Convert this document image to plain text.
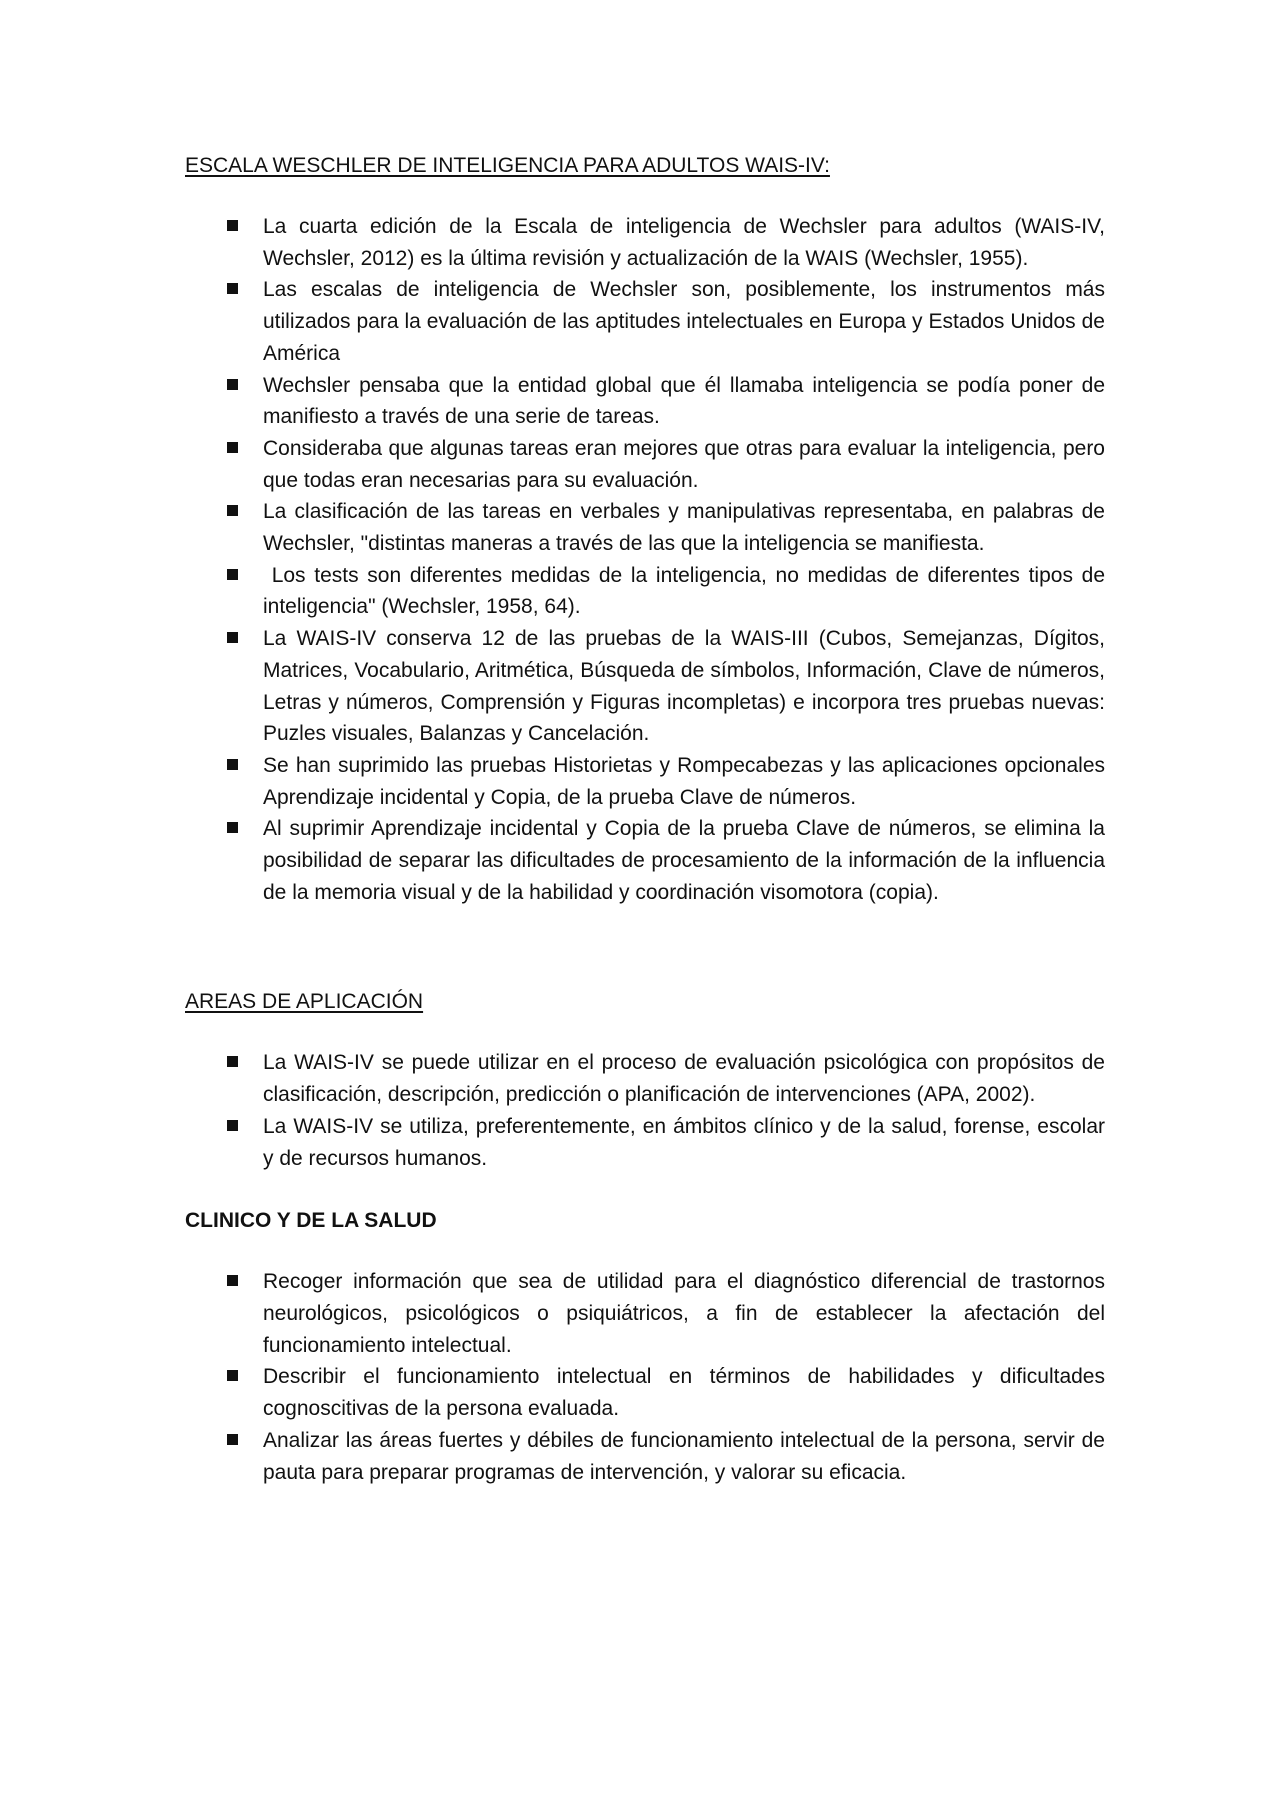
ESCALA WESCHLER DE INTELIGENCIA PARA ADULTOS WAIS-IV:
La cuarta edición de la Escala de inteligencia de Wechsler para adultos (WAIS-IV, Wechsler, 2012) es la última revisión y actualización de la WAIS (Wechsler, 1955).
Las escalas de inteligencia de Wechsler son, posiblemente, los instrumentos más utilizados para la evaluación de las aptitudes intelectuales en Europa y Estados Unidos de América
Wechsler pensaba que la entidad global que él llamaba inteligencia se podía poner de manifiesto a través de una serie de tareas.
Consideraba que algunas tareas eran mejores que otras para evaluar la inteligencia, pero que todas eran necesarias para su evaluación.
La clasificación de las tareas en verbales y manipulativas representaba, en palabras de Wechsler, "distintas maneras a través de las que la inteligencia se manifiesta.
Los tests son diferentes medidas de la inteligencia, no medidas de diferentes tipos de inteligencia" (Wechsler, 1958, 64).
La WAIS-IV conserva 12 de las pruebas de la WAIS-III (Cubos, Semejanzas, Dígitos, Matrices, Vocabulario, Aritmética, Búsqueda de símbolos, Información, Clave de números, Letras y números, Comprensión y Figuras incompletas) e incorpora tres pruebas nuevas: Puzles visuales, Balanzas y Cancelación.
Se han suprimido las pruebas Historietas y Rompecabezas y las aplicaciones opcionales Aprendizaje incidental y Copia, de la prueba Clave de números.
Al suprimir Aprendizaje incidental y Copia de la prueba Clave de números, se elimina la posibilidad de separar las dificultades de procesamiento de la información de la influencia de la memoria visual y de la habilidad y coordinación visomotora (copia).
AREAS DE APLICACIÓN
La WAIS-IV se puede utilizar en el proceso de evaluación psicológica con propósitos de clasificación, descripción, predicción o planificación de intervenciones (APA, 2002).
La WAIS-IV se utiliza, preferentemente, en ámbitos clínico y de la salud, forense, escolar y de recursos humanos.
CLINICO Y DE LA SALUD
Recoger información que sea de utilidad para el diagnóstico diferencial de trastornos neurológicos, psicológicos o psiquiátricos, a fin de establecer la afectación del funcionamiento intelectual.
Describir el funcionamiento intelectual en términos de habilidades y dificultades cognoscitivas de la persona evaluada.
Analizar las áreas fuertes y débiles de funcionamiento intelectual de la persona, servir de pauta para preparar programas de intervención, y valorar su eficacia.
